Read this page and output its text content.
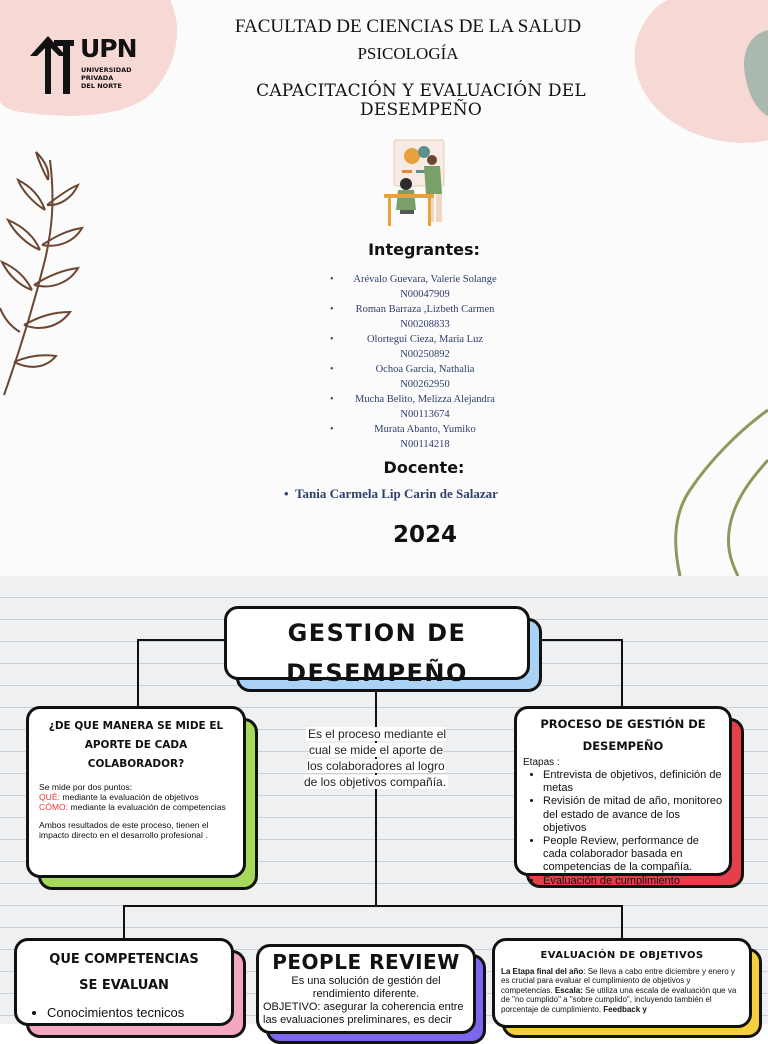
UPN
UNIVERSIDAD
PRIVADA
DEL NORTE
FACULTAD DE CIENCIAS DE LA SALUD
PSICOLOGÍA
CAPACITACIÓN Y EVALUACIÓN DEL
DESEMPEÑO
Integrantes:
• Arévalo Guevara, Valerie Solange
N00047909
• Roman Barraza ,Lizbeth Carmen
N00208833
•	Olortegui Cieza, Maria Luz
N00250892
•	Ochoa Garcia, Nathalia
N00262950
• Mucha Belito, Melizza Alejandra
N00113674
•	Murata Abanto, Yumiko
N00114218
Docente:
•  Tania Carmela Lip Carin de Salazar
2024
GESTION DE
DESEMPEÑO
Es el proceso mediante el cual se mide el aporte de los colaboradores al logro de los objetivos compañía.
¿DE QUE MANERA SE MIDE EL
APORTE DE CADA
COLABORADOR?
Se mide por dos puntos:
QUÉ: mediante la evaluación de objetivos
CÓMO: mediante la evaluación de competencias
Ambos resultados de este proceso, tienen el impacto directo en el desarrollo profesional .
PROCESO DE GESTIÓN DE
DESEMPEÑO
Etapas :
• Entrevista de objetivos, definición de metas
• Revisión de mitad de año, monitoreo del estado de avance de los objetivos
• People Review, performance de cada colaborador basada en competencias de la compañía.
• Evaluación de cumplimiento
QUE COMPETENCIAS
SE EVALUAN
• Conocimientos tecnicos
PEOPLE REVIEW
Es una solución de gestión del rendimiento diferente.
OBJETIVO: asegurar la coherencia entre las evaluaciones preliminares, es decir
EVALUACIÓN DE OBJETIVOS
La Etapa final del año: Se lleva a cabo entre diciembre y enero y es crucial para evaluar el cumplimiento de objetivos y competencias. Escala: Se utiliza una escala de evaluación que va de "no cumplido" a "sobre cumplido", incluyendo también el porcentaje de cumplimiento. Feedback y
